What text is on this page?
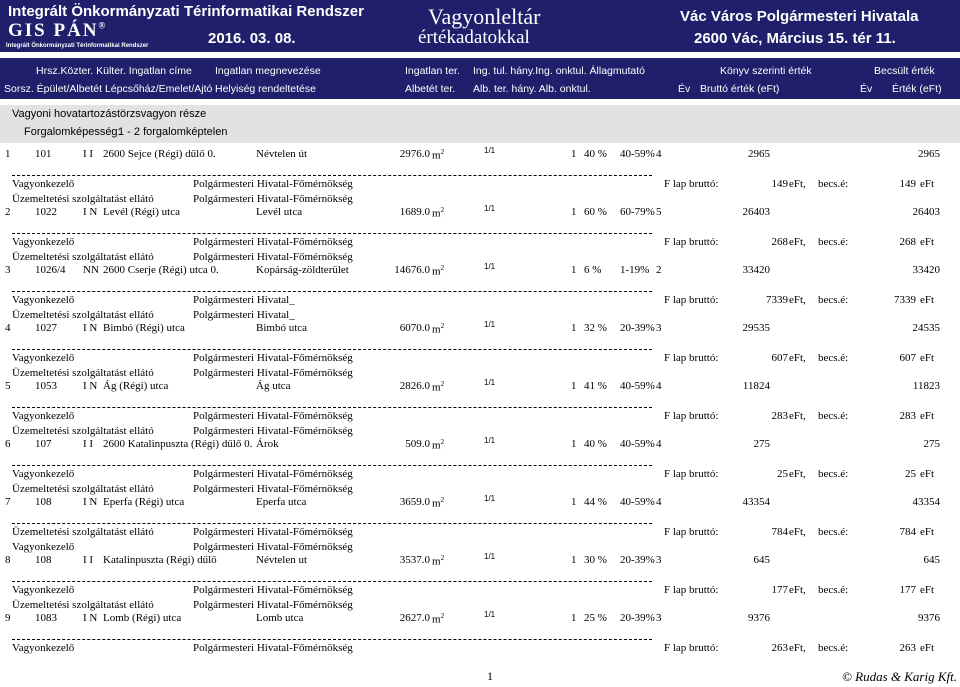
Integrált Önkormányzati Térinformatikai Rendszer
GIS PÁN®
Integrált Önkormányzati Térinformatikai Rendszer	2016. 03. 08.
Vagyonleltár
értékadatokkal
Vác Város Polgármesteri Hivatala
2600 Vác, Március 15. tér 11.
Hrsz.Közter. Külter. Ingatlan címe Ingatlan megnevezése	Ingatlan ter. Ing. tul. hány.Ing. onktul. Állagmutató	Könyv szerinti érték	Becsült érték
Sorsz. Épület/Albetét Lépcsőház/Emelet/Ajtó Helyiség rendeltetése	Albetét ter. Alb. ter. hány. Alb. onktul.	Év Bruttó érték (eFt)	Év Érték (eFt)
Vagyoni hovatartozástörzsvagyon része
Forgalomképesség:
1 - 2 forgalomképtelen
1 101	I I 2600 Sejce (Régi) dűlő 0.	Névtelen út	2976.0	1/1	1 40 % 40-59% 4	2965	2965
Vagyonkezelő	Polgármesteri Hivatal-Főmérnökség	F lap bruttó:	149 eFt, becs.é:	149 eFt
Üzemeltetési szolgáltatást ellátó	Polgármesteri Hivatal-Főmérnökség
$m^2$
2 1022 I N Levél (Régi) utca	Levél utca	1689.0	1/1	1 60 % 60-79% 5	26403	26403
Vagyonkezelő	Polgármesteri Hivatal-Főmérnökség	F lap bruttó:	268 eFt, becs.é:	268 eFt
Üzemeltetési szolgáltatást ellátó	Polgármesteri Hivatal-Főmérnökség
$m^2$
3 1026/4 NN 2600 Cserje (Régi) utca 0.	Kopárság-zöldterület	14676.0	1/1	1 6 % 1-19% 2	33420	33420
Vagyonkezelő	Polgármesteri Hivatal_	F lap bruttó:	7339 eFt, becs.é:	7339 eFt
Üzemeltetési szolgáltatást ellátó	Polgármesteri Hivatal_
$m^2$
4 1027 I N Bimbó (Régi) utca	Bimbó utca	6070.0	1/1	1 32 % 20-39% 3	29535	24535
Vagyonkezelő	Polgármesteri Hivatal-Főmérnökség	F lap bruttó:	607 eFt, becs.é:	607 eFt
Üzemeltetési szolgáltatást ellátó	Polgármesteri Hivatal-Főmérnökség
$m^2$
5 1053 I N Ág (Régi) utca	Ág utca	2826.0	1/1	1 41 % 40-59% 4	11824	11823
Vagyonkezelő	Polgármesteri Hivatal-Főmérnökség	F lap bruttó:	283 eFt, becs.é:	283 eFt
Üzemeltetési szolgáltatást ellátó	Polgármesteri Hivatal-Főmérnökség
$m^2$
6 107	I I 2600 Katalinpuszta (Régi) dűlő 0. Árok	509.0	1/1	1 40 % 40-59% 4	275	275
Vagyonkezelő	Polgármesteri Hivatal-Főmérnökség	F lap bruttó:	25 eFt, becs.é:	25 eFt
Üzemeltetési szolgáltatást ellátó	Polgármesteri Hivatal-Főmérnökség
$m^2$
7 108	I N Eperfa (Régi) utca	Eperfa utca	3659.0	1/1	1 44 % 40-59% 4	43354	43354
Üzemeltetési szolgáltatást ellátó	Polgármesteri Hivatal-Főmérnökség	F lap bruttó:	784 eFt, becs.é:	784 eFt
Vagyonkezelő	Polgármesteri Hivatal-Főmérnökség
$m^2$
8 108	I I Katalinpuszta (Régi) dűlő	Névtelen ut	3537.0	1/1	1 30 % 20-39% 3	645	645
Vagyonkezelő	Polgármesteri Hivatal-Főmérnökség	F lap bruttó:	177 eFt, becs.é:	177 eFt
Üzemeltetési szolgáltatást ellátó	Polgármesteri Hivatal-Főmérnökség
$m^2$
9 1083 I N Lomb (Régi) utca	Lomb utca	2627.0	1/1	1 25 % 20-39% 3	9376	9376
Vagyonkezelő	Polgármesteri Hivatal-Főmérnökség	F lap bruttó:	263 eFt, becs.é:	263 eFt
$m^2$
1	© Rudas & Karig Kft.
